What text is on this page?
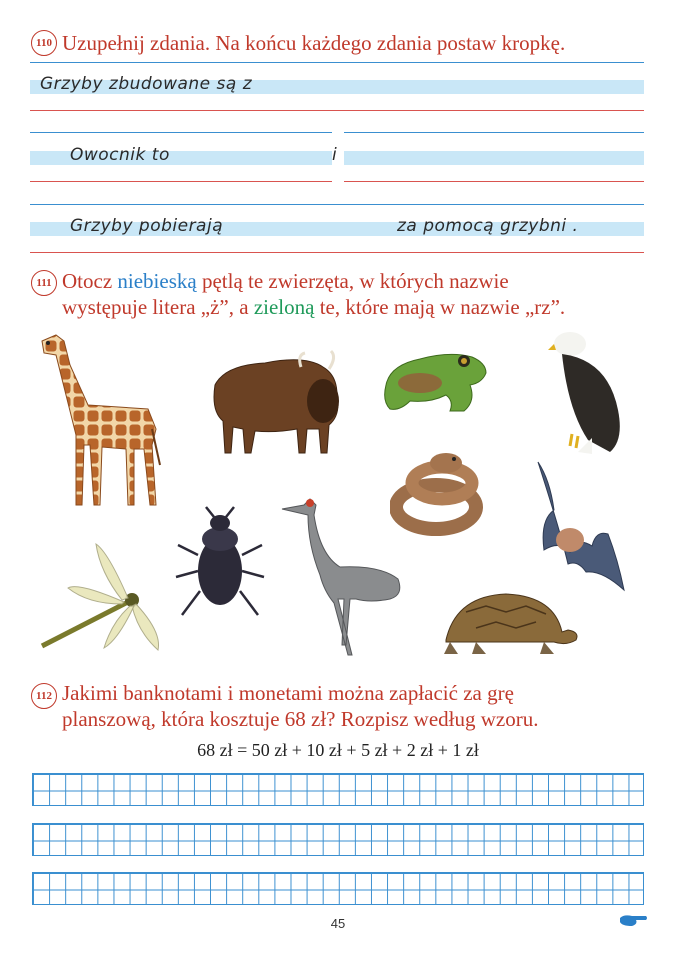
110 Uzupełnij zdania. Na końcu każdego zdania postaw kropkę.
Grzyby zbudowane są z
Owocnik to	i
Grzyby pobierają	za pomocą grzybni .
111 Otocz niebieską pętlą te zwierzęta, w których nazwie
występuje litera „ż”, a zieloną te, które mają w nazwie „rz”.
112 Jakimi banknotami i monetami można zapłacić za grę
planszową, która kosztuje 68 zł? Rozpisz według wzoru.
68 zł = 50 zł + 10 zł + 5 zł + 2 zł + 1 zł
45
